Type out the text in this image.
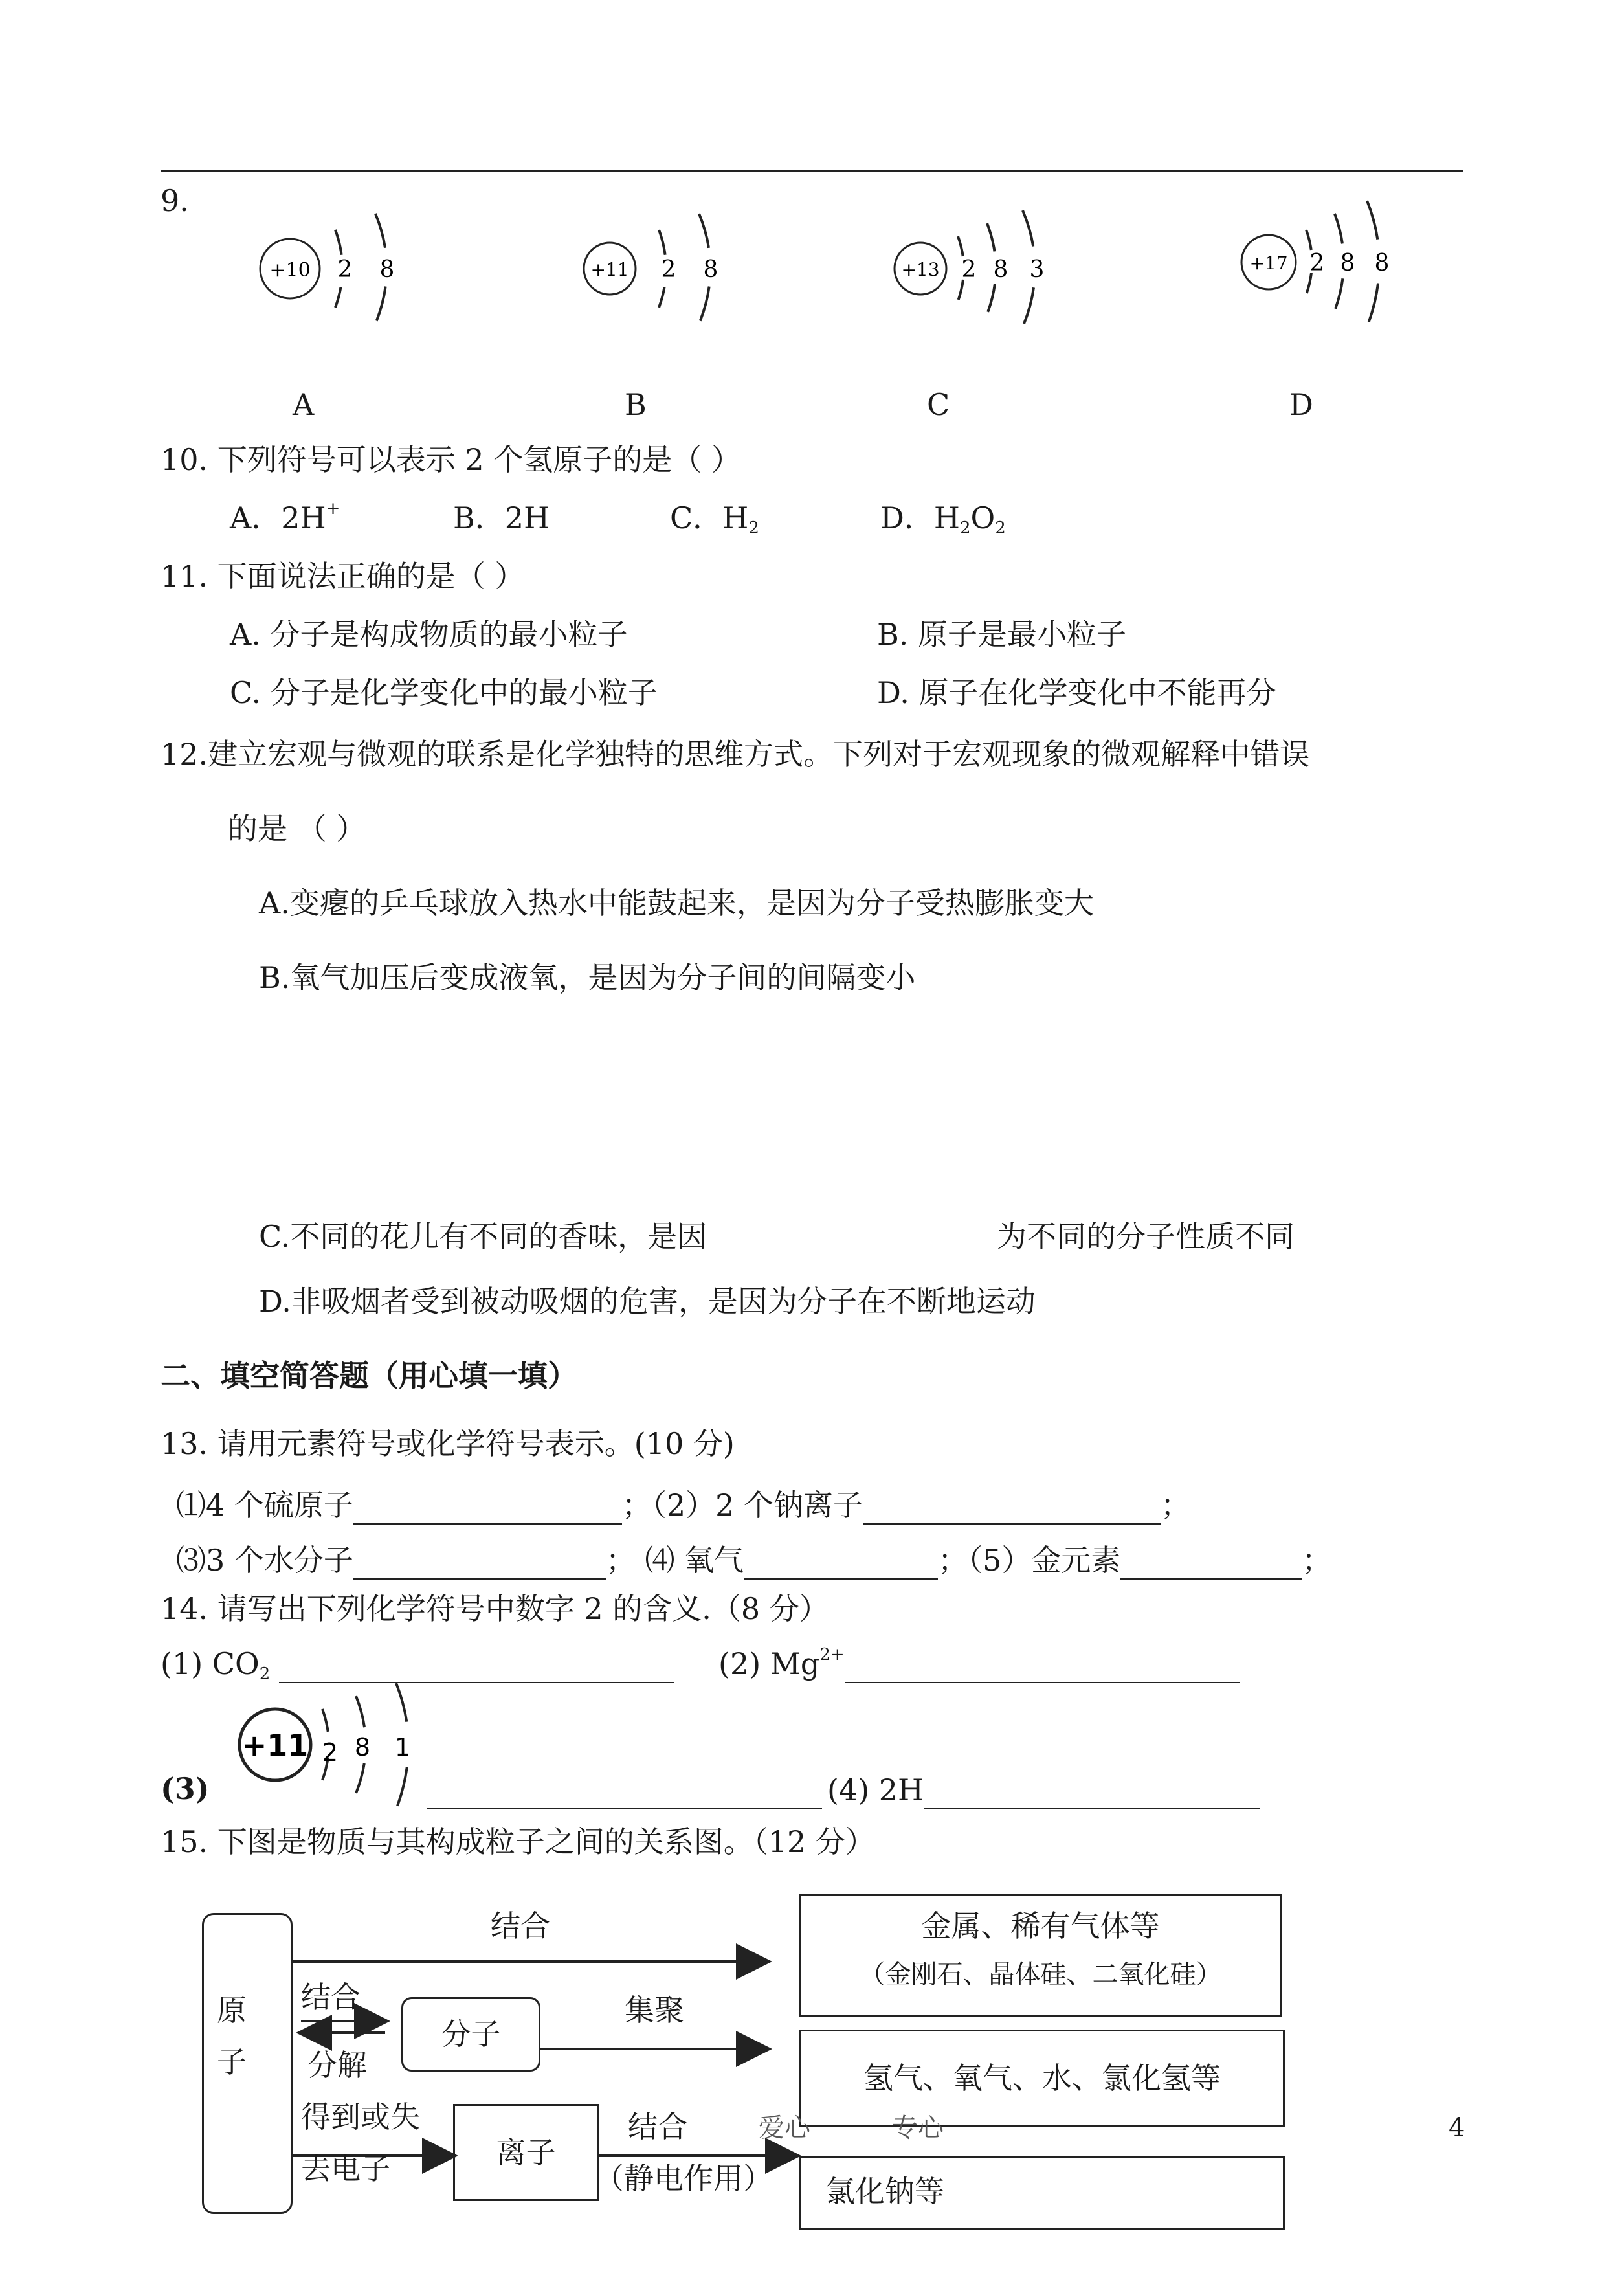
9.
+10 2 8	+11 2 8	+13 2 8 3	+17 2 8 8
A	B	C	D
10. 下列符号可以表示 2 个氢原子的是（ ）
A．2H+	B．2H	C．$H_2$	D．$H_2O_2$
11. 下面说法正确的是（ ）
A. 分子是构成物质的最小粒子	B. 原子是最小粒子
C. 分子是化学变化中的最小粒子	D. 原子在化学变化中不能再分
12.建立宏观与微观的联系是化学独特的思维方式。下列对于宏观现象的微观解释中错误
的是 （ ）
A.变瘪的乒乓球放入热水中能鼓起来，是因为分子受热膨胀变大
B.氧气加压后变成液氧，是因为分子间的间隔变小
C.不同的花儿有不同的香味，是因	为不同的分子性质不同
D.非吸烟者受到被动吸烟的危害，是因为分子在不断地运动
二、填空简答题（用心填一填）
13. 请用元素符号或化学符号表示。(10 分)
⑴4 个硫原子	；（2）2 个钠离子	；
⑶3 个水分子	； ⑷ 氧气	；（5）金元素	；
14. 请写出下列化学符号中数字 2 的含义.（8 分）
(1) $CO_2$	(2) $Mg^{2+}$
+11 2 8 1
(3)	(4) 2H
15. 下图是物质与其构成粒子之间的关系图。（12 分）
原
子
结合
结合
分解
分子
集聚
得到或失
去电子	离子
结合
（静电作用）
金属、稀有气体等
（金刚石、晶体硅、二氧化硅）
氢气、氧气、水、氯化氢等
氯化钠等
爱心	专心	4
